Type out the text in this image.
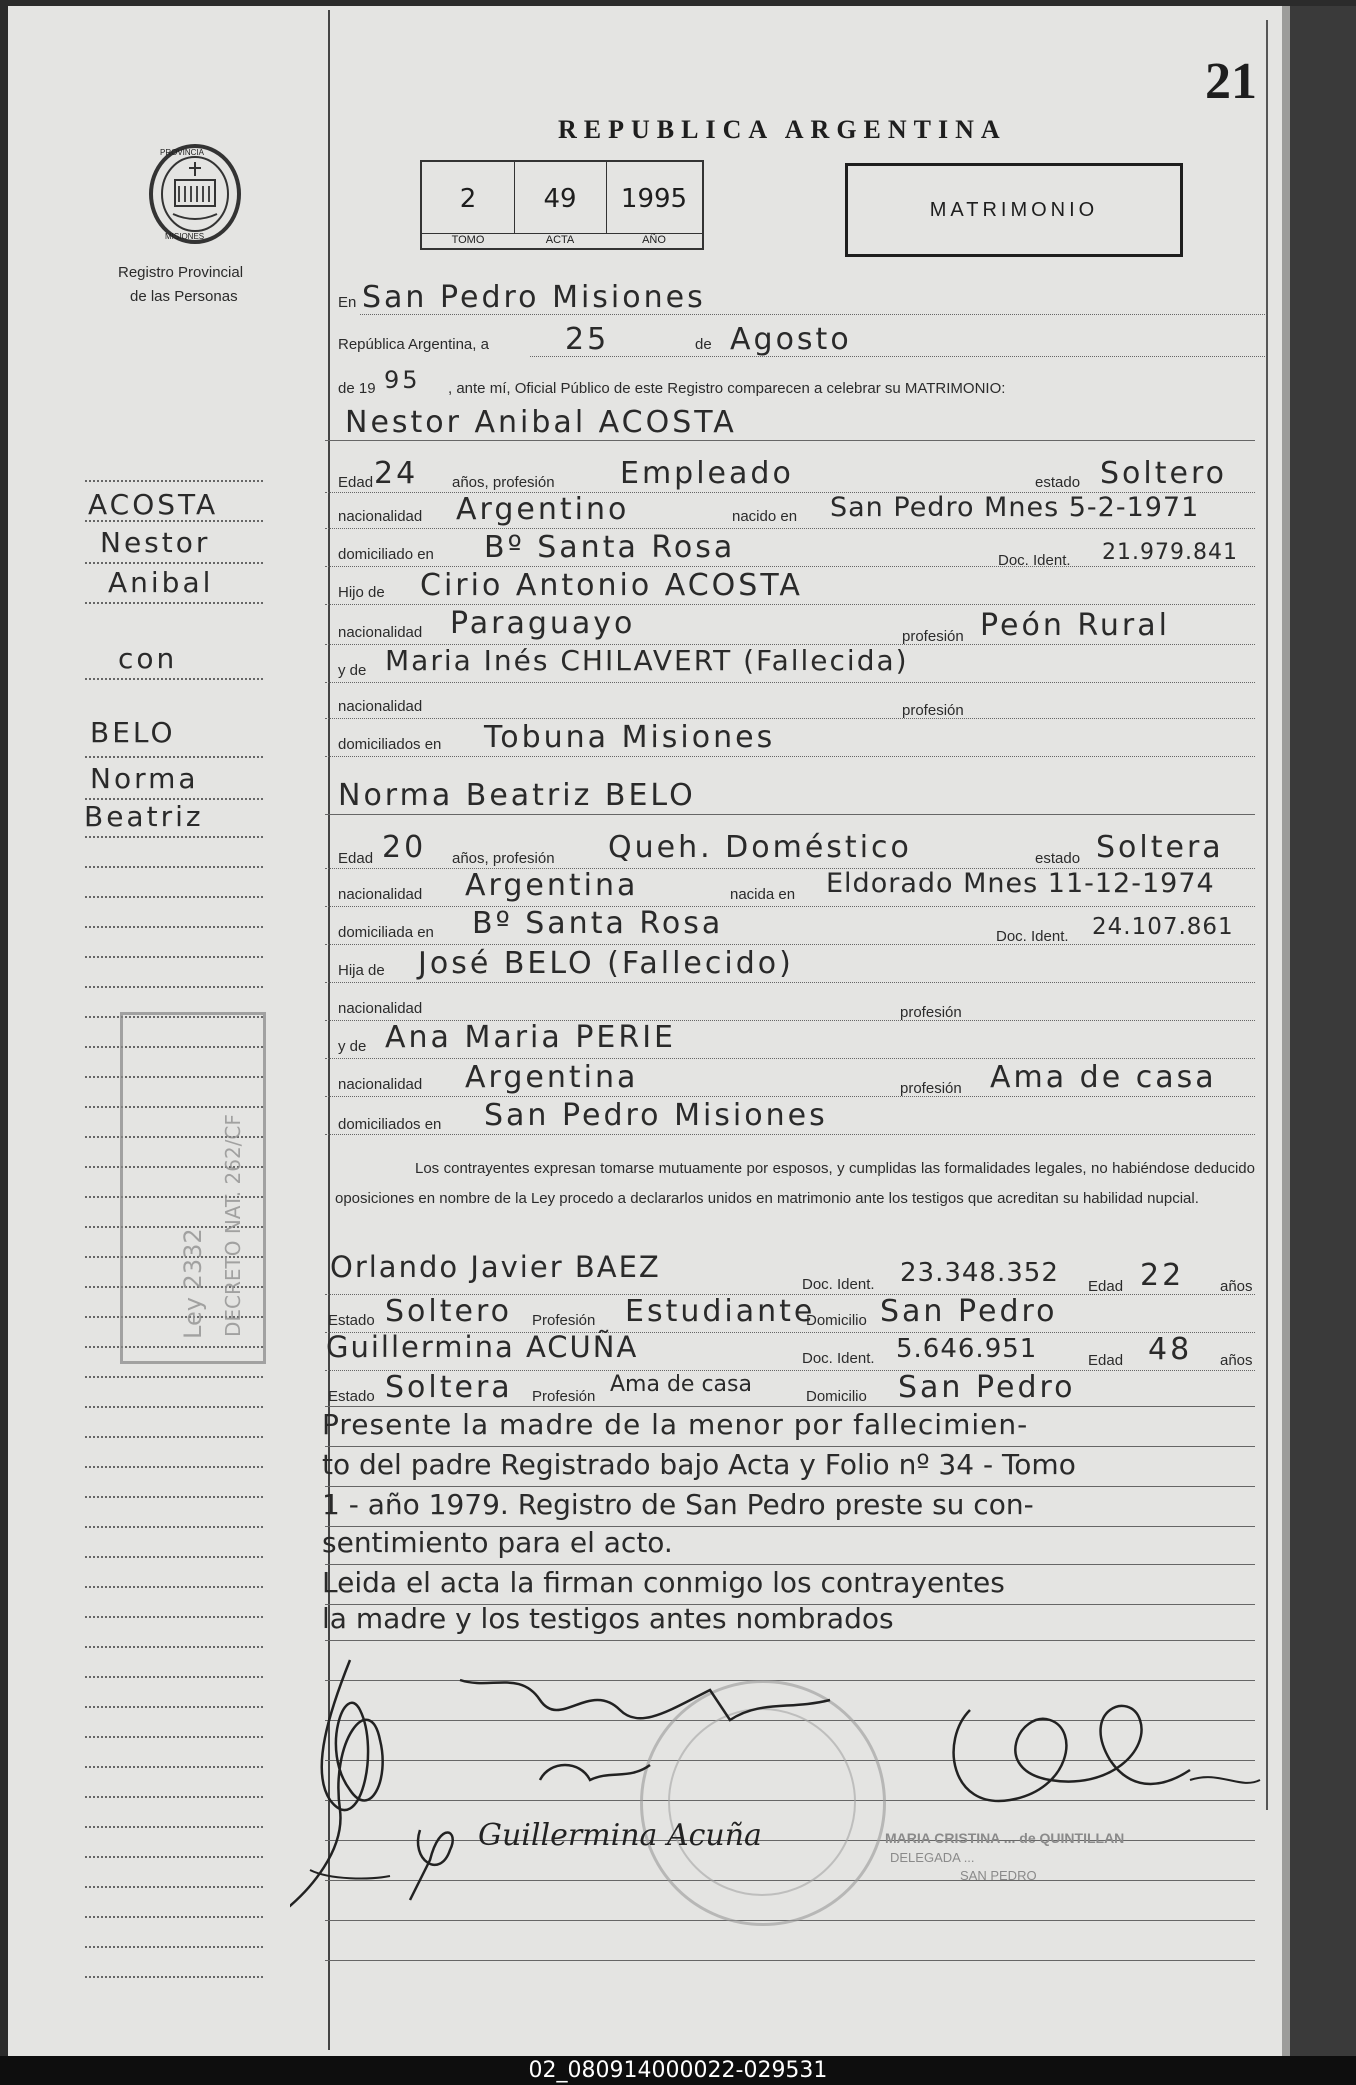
21
REPUBLICA ARGENTINA
PROVINCIA
MISIONES
Registro Provincial
de las Personas
2
TOMO
49
ACTA
1995
AÑO
MATRIMONIO
ACOSTA
Nestor
Anibal
con
BELO
Norma
Beatriz
Ley 2332 DECRETO NAT. 262/CF
En San Pedro Misiones
República Argentina, a	25	de Agosto
de 19 95 , ante mí, Oficial Público de este Registro comparecen a celebrar su MATRIMONIO:
Nestor Anibal ACOSTA
Edad 24 años, profesión Empleado	estado Soltero
nacionalidad Argentino	nacido en San Pedro Mnes 5-2-1971
domiciliado en Bº Santa Rosa	Doc. Ident. 21.979.841
Hijo de Cirio Antonio ACOSTA
nacionalidad Paraguayo	profesión Peón Rural
y de Maria Inés CHILAVERT (Fallecida)
nacionalidad	profesión
domiciliados en Tobuna Misiones
Norma Beatriz BELO
Edad 20 años, profesión Queh. Doméstico	estado Soltera
nacionalidad Argentina	nacida en Eldorado Mnes 11-12-1974
domiciliada en Bº Santa Rosa	Doc. Ident. 24.107.861
Hija de José BELO (Fallecido)
nacionalidad	profesión
y de Ana Maria PERIE
nacionalidad Argentina	profesión Ama de casa
domiciliados en San Pedro Misiones
Los contrayentes expresan tomarse mutuamente por esposos, y cumplidas las formalidades legales, no habiéndose deducido oposiciones en nombre de la Ley procedo a declararlos unidos en matrimonio ante los testigos que acreditan su habilidad nupcial.
Orlando Javier BAEZ
Doc. Ident. 23.348.352 Edad 22 años
Estado Soltero Profesión Estudiante
Domicilio San Pedro
Guillermina ACUÑA	Doc. Ident. 5.646.951	Edad 48 años
Estado Soltera Profesión Ama de casa	Domicilio San Pedro
Presente la madre de la menor por fallecimien-
to del padre Registrado bajo Acta y Folio nº 34 - Tomo
1 - año 1979. Registro de San Pedro preste su con-
sentimiento para el acto.
Leida el acta la firman conmigo los contrayentes
la madre y los testigos antes nombrados
MARIA CRISTINA ... de QUINTILLAN
DELEGADA ...
SAN PEDRO
Guillermina Acuña
02_080914000022-029531
